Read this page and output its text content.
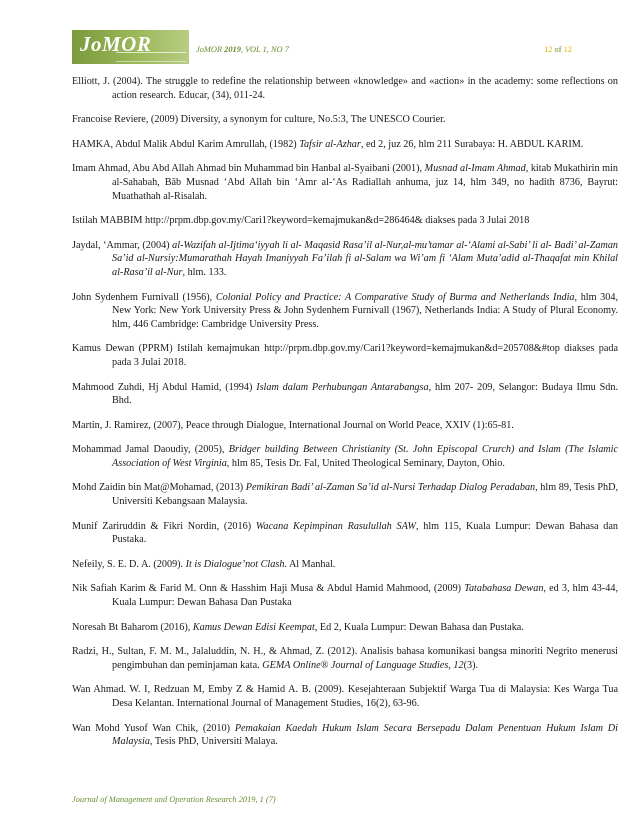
JoMOR	JoMOR 2019, VOL 1, NO 7	12 of 12

Elliott, J. (2004). The struggle to redefine the relationship between «knowledge» and «action» in the academy: some reflections on action research. Educar, (34), 011-24.

Francoise Reviere, (2009) Diversity, a synonym for culture, No.5:3, The UNESCO Courier.

HAMKA, Abdul Malik Abdul Karim Amrullah, (1982) Tafsir al-Azhar, ed 2, juz 26, hlm 211 Surabaya: H. ABDUL KARIM.

Imam Ahmad, Abu Abd Allah Ahmad bin Muhammad bin Hanbal al-Syaibani (2001), Musnad al-Imam Ahmad, kitab Mukathirin min al-Sahabah, Bāb Musnad ‘Abd Allah bin ‘Amr al-‘As Radiallah anhuma, juz 14, hlm 349, no hadith 8736, Bayrut: Muathathah al-Risalah.

Istilah MABBIM http://prpm.dbp.gov.my/Cari1?keyword=kemajmukan&d=286464& diakses pada 3 Julai 2018

Jaydal, ‘Ammar, (2004) al-Wazifah al-Ijtima‘iyyah li al- Maqasid Rasa’il al-Nur,al-mu’tamar al-‘Alami al-Sabi’ li al- Badi’ al-Zaman Sa’id al-Nursiy:Mumarathah Hayah Imaniyyah Fa’ilah fi al-Salam wa Wi’am fi ‘Alam Muta’adid al-Thaqafat min Khilal al-Rasa’il al-Nur, hlm. 133.

John Sydenhem Furnivall (1956), Colonial Policy and Practice: A Comparative Study of Burma and Netherlands India, hlm 304, New York: New York University Press & John Sydenhem Furnivall (1967), Netherlands India: A Study of Plural Economy. hlm, 446 Cambridge: Cambridge University Press.

Kamus Dewan (PPRM) Istilah kemajmukan http://prpm.dbp.gov.my/Cari1?keyword=kemajmukan&d=205708&#top diakses pada pada 3 Julai 2018.

Mahmood Zuhdi, Hj Abdul Hamid, (1994) Islam dalam Perhubungan Antarabangsa, hlm 207- 209, Selangor: Budaya Ilmu Sdn. Bhd.

Martin, J. Ramirez, (2007), Peace through Dialogue, International Journal on World Peace, XXIV (1):65-81.

Mohammad Jamal Daoudiy, (2005), Bridger building Between Christianity (St. John Episcopal Crurch) and Islam (The Islamic Association of West Virginia, hlm 85, Tesis Dr. Fal, United Theological Seminary, Dayton, Ohio.

Mohd Zaidin bin Mat@Mohamad, (2013) Pemikiran Badi’ al-Zaman Sa’id al-Nursi Terhadap Dialog Peradaban, hlm 89, Tesis PhD, Universiti Kebangsaan Malaysia.

Munif Zariruddin & Fikri Nordin, (2016) Wacana Kepimpinan Rasulullah SAW, hlm 115, Kuala Lumpur: Dewan Bahasa dan Pustaka.

Nefeily, S. E. D. A. (2009). It is Dialogue’not Clash. Al Manhal.

Nik Safiah Karim & Farid M. Onn & Hasshim Haji Musa & Abdul Hamid Mahmood, (2009) Tatabahasa Dewan, ed 3, hlm 43-44, Kuala Lumpur: Dewan Bahasa Dan Pustaka

Noresah Bt Baharom (2016), Kamus Dewan Edisi Keempat, Ed 2, Kuala Lumpur: Dewan Bahasa dan Pustaka.

Radzi, H., Sultan, F. M. M., Jalaluddin, N. H., & Ahmad, Z. (2012). Analisis bahasa komunikasi bangsa minoriti Negrito menerusi pengimbuhan dan peminjaman kata. GEMA Online® Journal of Language Studies, 12(3).

Wan Ahmad. W. I, Redzuan M, Emby Z & Hamid A. B. (2009). Kesejahteraan Subjektif Warga Tua di Malaysia: Kes Warga Tua Desa Kelantan. International Journal of Management Studies, 16(2), 63-96.

Wan Mohd Yusof Wan Chik, (2010) Pemakaian Kaedah Hukum Islam Secara Bersepadu Dalam Penentuan Hukum Islam Di Malaysia, Tesis PhD, Universiti Malaya.

Journal of Management and Operation Research 2019, 1 (7)
